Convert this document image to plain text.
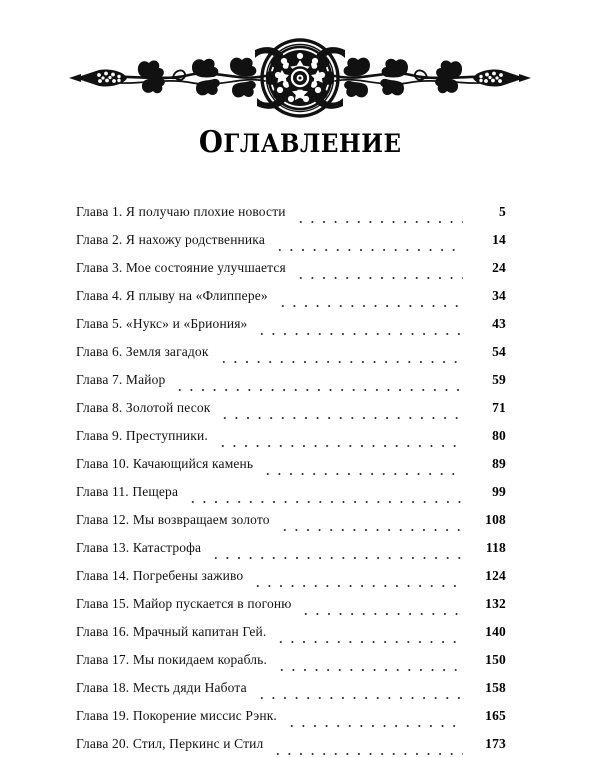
ОГЛАВЛЕНИЕ
Глава 1. Я получаю плохие новости	5
Глава 2. Я нахожу родственника	14
Глава 3. Мое состояние улучшается	24
Глава 4. Я плыву на «Флиппере»	34
Глава 5. «Нукс» и «Бриония»	43
Глава 6. Земля загадок	54
Глава 7. Майор	59
Глава 8. Золотой песок	71
Глава 9. Преступники.	80
Глава 10. Качающийся камень	89
Глава 11. Пещера	99
Глава 12. Мы возвращаем золото	108
Глава 13. Катастрофа	118
Глава 14. Погребены заживо	124
Глава 15. Майор пускается в погоню	132
Глава 16. Мрачный капитан Гей.	140
Глава 17. Мы покидаем корабль.	150
Глава 18. Месть дяди Набота	158
Глава 19. Покорение миссис Рэнк.	165
Глава 20. Стил, Перкинс и Стил	173
